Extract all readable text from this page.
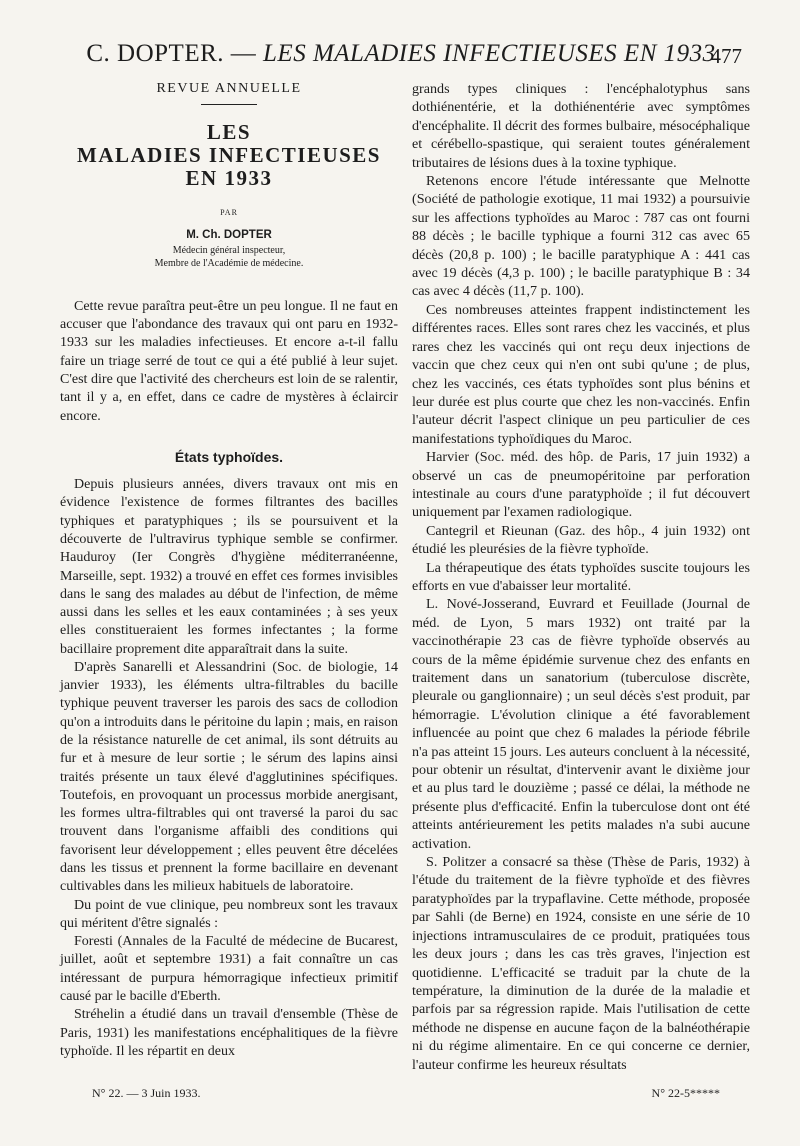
C. DOPTER. — LES MALADIES INFECTIEUSES EN 1933
477
REVUE ANNUELLE
LES
MALADIES INFECTIEUSES
EN 1933
PAR
M. Ch. DOPTER
Médecin général inspecteur,
Membre de l'Académie de médecine.

Cette revue paraîtra peut-être un peu longue. Il ne faut en accuser que l'abondance des travaux qui ont paru en 1932-1933 sur les maladies infectieuses. Et encore a-t-il fallu faire un triage serré de tout ce qui a été publié à leur sujet. C'est dire que l'activité des chercheurs est loin de se ralentir, tant il y a, en effet, dans ce cadre de mystères à éclaircir encore.

États typhoïdes.

Depuis plusieurs années, divers travaux ont mis en évidence l'existence de formes filtrantes des bacilles typhiques et paratyphiques ; ils se poursuivent et la découverte de l'ultravirus typhique semble se confirmer. Hauduroy (Ier Congrès d'hygiène méditerranéenne, Marseille, sept. 1932) a trouvé en effet ces formes invisibles dans le sang des malades au début de l'infection, de même aussi dans les selles et les eaux contaminées ; à ses yeux elles constitueraient les formes infectantes ; la forme bacillaire proprement dite apparaîtrait dans la suite.

D'après Sanarelli et Alessandrini (Soc. de biologie, 14 janvier 1933), les éléments ultra-filtrables du bacille typhique peuvent traverser les parois des sacs de collodion qu'on a introduits dans le péritoine du lapin ; mais, en raison de la résistance naturelle de cet animal, ils sont détruits au fur et à mesure de leur sortie ; le sérum des lapins ainsi traités présente un taux élevé d'agglutinines spécifiques. Toutefois, en provoquant un processus morbide anergisant, les formes ultra-filtrables qui ont traversé la paroi du sac trouvent dans l'organisme affaibli des conditions qui favorisent leur développement ; elles peuvent être décelées dans les tissus et prennent la forme bacillaire en devenant cultivables dans les milieux habituels de laboratoire.

Du point de vue clinique, peu nombreux sont les travaux qui méritent d'être signalés :

Foresti (Annales de la Faculté de médecine de Bucarest, juillet, août et septembre 1931) a fait connaître un cas intéressant de purpura hémorragique infectieux primitif causé par le bacille d'Eberth.

Stréhelin a étudié dans un travail d'ensemble (Thèse de Paris, 1931) les manifestations encéphalitiques de la fièvre typhoïde. Il les répartit en deux

grands types cliniques : l'encéphalotyphus sans dothiénentérie, et la dothiénentérie avec symptômes d'encéphalite. Il décrit des formes bulbaire, mésocéphalique et cérébello-spastique, qui seraient toutes généralement tributaires de lésions dues à la toxine typhique.

Retenons encore l'étude intéressante que Melnotte (Société de pathologie exotique, 11 mai 1932) a poursuivie sur les affections typhoïdes au Maroc : 787 cas ont fourni 88 décès ; le bacille typhique a fourni 312 cas avec 65 décès (20,8 p. 100) ; le bacille paratyphique A : 441 cas avec 19 décès (4,3 p. 100) ; le bacille paratyphique B : 34 cas avec 4 décès (11,7 p. 100).

Ces nombreuses atteintes frappent indistinctement les différentes races. Elles sont rares chez les vaccinés, et plus rares chez les vaccinés qui ont reçu deux injections de vaccin que chez ceux qui n'en ont subi qu'une ; de plus, chez les vaccinés, ces états typhoïdes sont plus bénins et leur durée est plus courte que chez les non-vaccinés. Enfin l'auteur décrit l'aspect clinique un peu particulier de ces manifestations typhoïdiques du Maroc.

Harvier (Soc. méd. des hôp. de Paris, 17 juin 1932) a observé un cas de pneumopéritoine par perforation intestinale au cours d'une paratyphoïde ; il fut découvert uniquement par l'examen radiologique.

Cantegril et Rieunan (Gaz. des hôp., 4 juin 1932) ont étudié les pleurésies de la fièvre typhoïde.

La thérapeutique des états typhoïdes suscite toujours les efforts en vue d'abaisser leur mortalité.

L. Nové-Josserand, Euvrard et Feuillade (Journal de méd. de Lyon, 5 mars 1932) ont traité par la vaccinothérapie 23 cas de fièvre typhoïde observés au cours de la même épidémie survenue chez des enfants en traitement dans un sanatorium (tuberculose discrète, pleurale ou ganglionnaire) ; un seul décès s'est produit, par hémorragie. L'évolution clinique a été favorablement influencée au point que chez 6 malades la période fébrile n'a pas atteint 15 jours. Les auteurs concluent à la nécessité, pour obtenir un résultat, d'intervenir avant le dixième jour et au plus tard le douzième ; passé ce délai, la méthode ne présente plus d'efficacité. Enfin la tuberculose dont ont été atteints antérieurement les petits malades n'a subi aucune activation.

S. Politzer a consacré sa thèse (Thèse de Paris, 1932) à l'étude du traitement de la fièvre typhoïde et des fièvres paratyphoïdes par la trypaflavine. Cette méthode, proposée par Sahli (de Berne) en 1924, consiste en une série de 10 injections intramusculaires de ce produit, pratiquées tous les deux jours ; dans les cas très graves, l'injection est quotidienne. L'efficacité se traduit par la chute de la température, la diminution de la durée de la maladie et parfois par sa régression rapide. Mais l'utilisation de cette méthode ne dispense en aucune façon de la balnéothérapie ni du régime alimentaire. En ce qui concerne ce dernier, l'auteur confirme les heureux résultats

N° 22. — 3 Juin 1933.	N° 22-5*****
